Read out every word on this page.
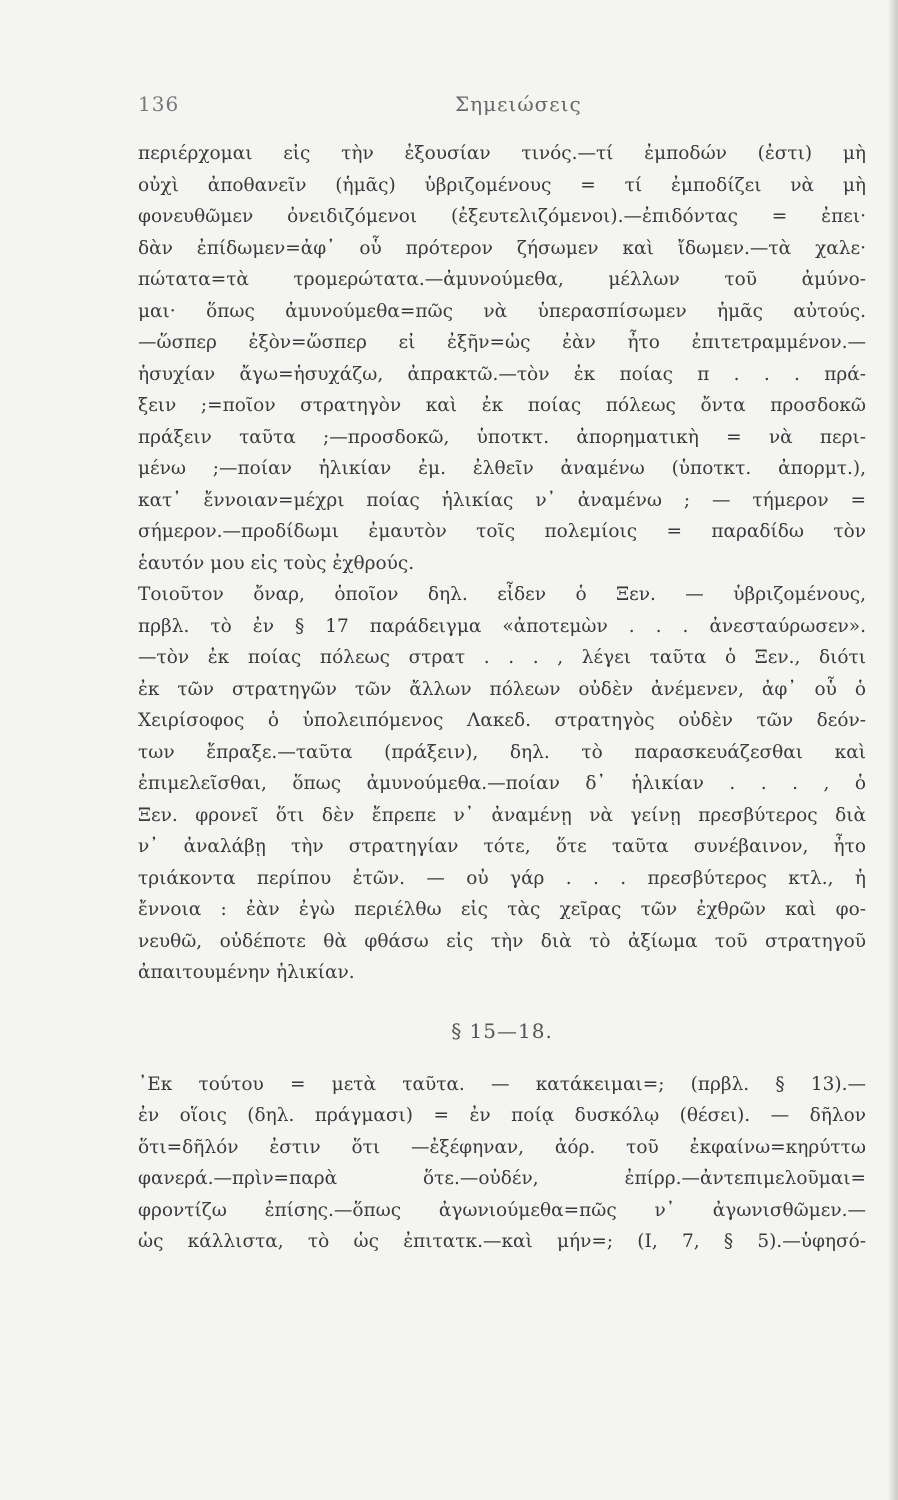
136	Σημειώσεις
περιέρχομαι εἰς τὴν ἐξουσίαν τινός.—τί ἐμποδών (ἐστι) μὴ
οὐχὶ ἀποθανεῖν (ἡμᾶς) ὑβριζομένους = τί ἐμποδίζει νὰ μὴ
φονευθῶμεν ὀνειδιζόμενοι (ἐξευτελιζόμενοι).—ἐπιδόντας = ἐπει·
δὰν ἐπίδωμεν=ἀφ᾿ οὗ πρότερον ζήσωμεν καὶ ἴδωμεν.—τὰ χαλε·
πώτατα=τὰ τρομερώτατα.—ἀμυνούμεθα, μέλλων τοῦ ἀμύνο-
μαι· ὅπως ἀμυνούμεθα=πῶς νὰ ὑπερασπίσωμεν ἡμᾶς αὐτούς.
—ὥσπερ ἐξὸν=ὥσπερ εἰ ἐξῆν=ὡς ἐὰν ἦτο ἐπιτετραμμένον.—
ἡσυχίαν ἄγω=ἡσυχάζω, ἀπρακτῶ.—τὸν ἐκ ποίας π . . . πρά-
ξειν ;=ποῖον στρατηγὸν καὶ ἐκ ποίας πόλεως ὄντα προσδοκῶ
πράξειν ταῦτα ;—προσδοκῶ, ὑποτκτ. ἀπορηματικὴ = νὰ περι-
μένω ;—ποίαν ἡλικίαν ἐμ. ἐλθεῖν ἀναμένω (ὑποτκτ. ἀπορμτ.),
κατ᾿ ἔννοιαν=μέχρι ποίας ἡλικίας ν᾿ ἀναμένω ; — τήμερον =
σήμερον.—προδίδωμι ἐμαυτὸν τοῖς πολεμίοις = παραδίδω τὸν
ἑαυτόν μου εἰς τοὺς ἐχθρούς.
Τοιοῦτον ὄναρ, ὁποῖον δηλ. εἶδεν ὁ Ξεν. — ὑβριζομένους,
πρβλ. τὸ ἐν § 17 παράδειγμα «ἀποτεμὼν . . . ἀνεσταύρωσεν».
—τὸν ἐκ ποίας πόλεως στρατ . . . , λέγει ταῦτα ὁ Ξεν., διότι
ἐκ τῶν στρατηγῶν τῶν ἄλλων πόλεων οὐδὲν ἀνέμενεν, ἀφ᾿ οὗ ὁ
Χειρίσοφος ὁ ὑπολειπόμενος Λακεδ. στρατηγὸς οὐδὲν τῶν δεόν-
των ἔπραξε.—ταῦτα (πράξειν), δηλ. τὸ παρασκευάζεσθαι καὶ
ἐπιμελεῖσθαι, ὅπως ἀμυνούμεθα.—ποίαν δ᾿ ἡλικίαν . . . , ὁ
Ξεν. φρονεῖ ὅτι δὲν ἔπρεπε ν᾿ ἀναμένῃ νὰ γείνῃ πρεσβύτερος διὰ
ν᾿ ἀναλάβῃ τὴν στρατηγίαν τότε, ὅτε ταῦτα συνέβαινον, ἦτο
τριάκοντα περίπου ἐτῶν. — οὐ γάρ . . . πρεσβύτερος κτλ., ἡ
ἔννοια : ἐὰν ἐγὼ περιέλθω εἰς τὰς χεῖρας τῶν ἐχθρῶν καὶ φο-
νευθῶ, οὐδέποτε θὰ φθάσω εἰς τὴν διὰ τὸ ἀξίωμα τοῦ στρατηγοῦ
ἀπαιτουμένην ἡλικίαν.
§ 15—18.
᾿Εκ τούτου = μετὰ ταῦτα. — κατάκειμαι=; (πρβλ. § 13).—
ἐν οἵοις (δηλ. πράγμασι) = ἐν ποίᾳ δυσκόλῳ (θέσει). — δῆλον
ὅτι=δῆλόν ἐστιν ὅτι —ἐξέφηναν, ἀόρ. τοῦ ἐκφαίνω=κηρύττω
φανερά.—πρὶν=παρὰ ὅτε.—οὐδέν, ἐπίρρ.—ἀντεπιμελοῦμαι=
φροντίζω ἐπίσης.—ὅπως ἀγωνιούμεθα=πῶς ν᾿ ἀγωνισθῶμεν.—
ὡς κάλλιστα, τὸ ὡς ἐπιτατκ.—καὶ μήν=; (Ι, 7, § 5).—ὑφησό-
